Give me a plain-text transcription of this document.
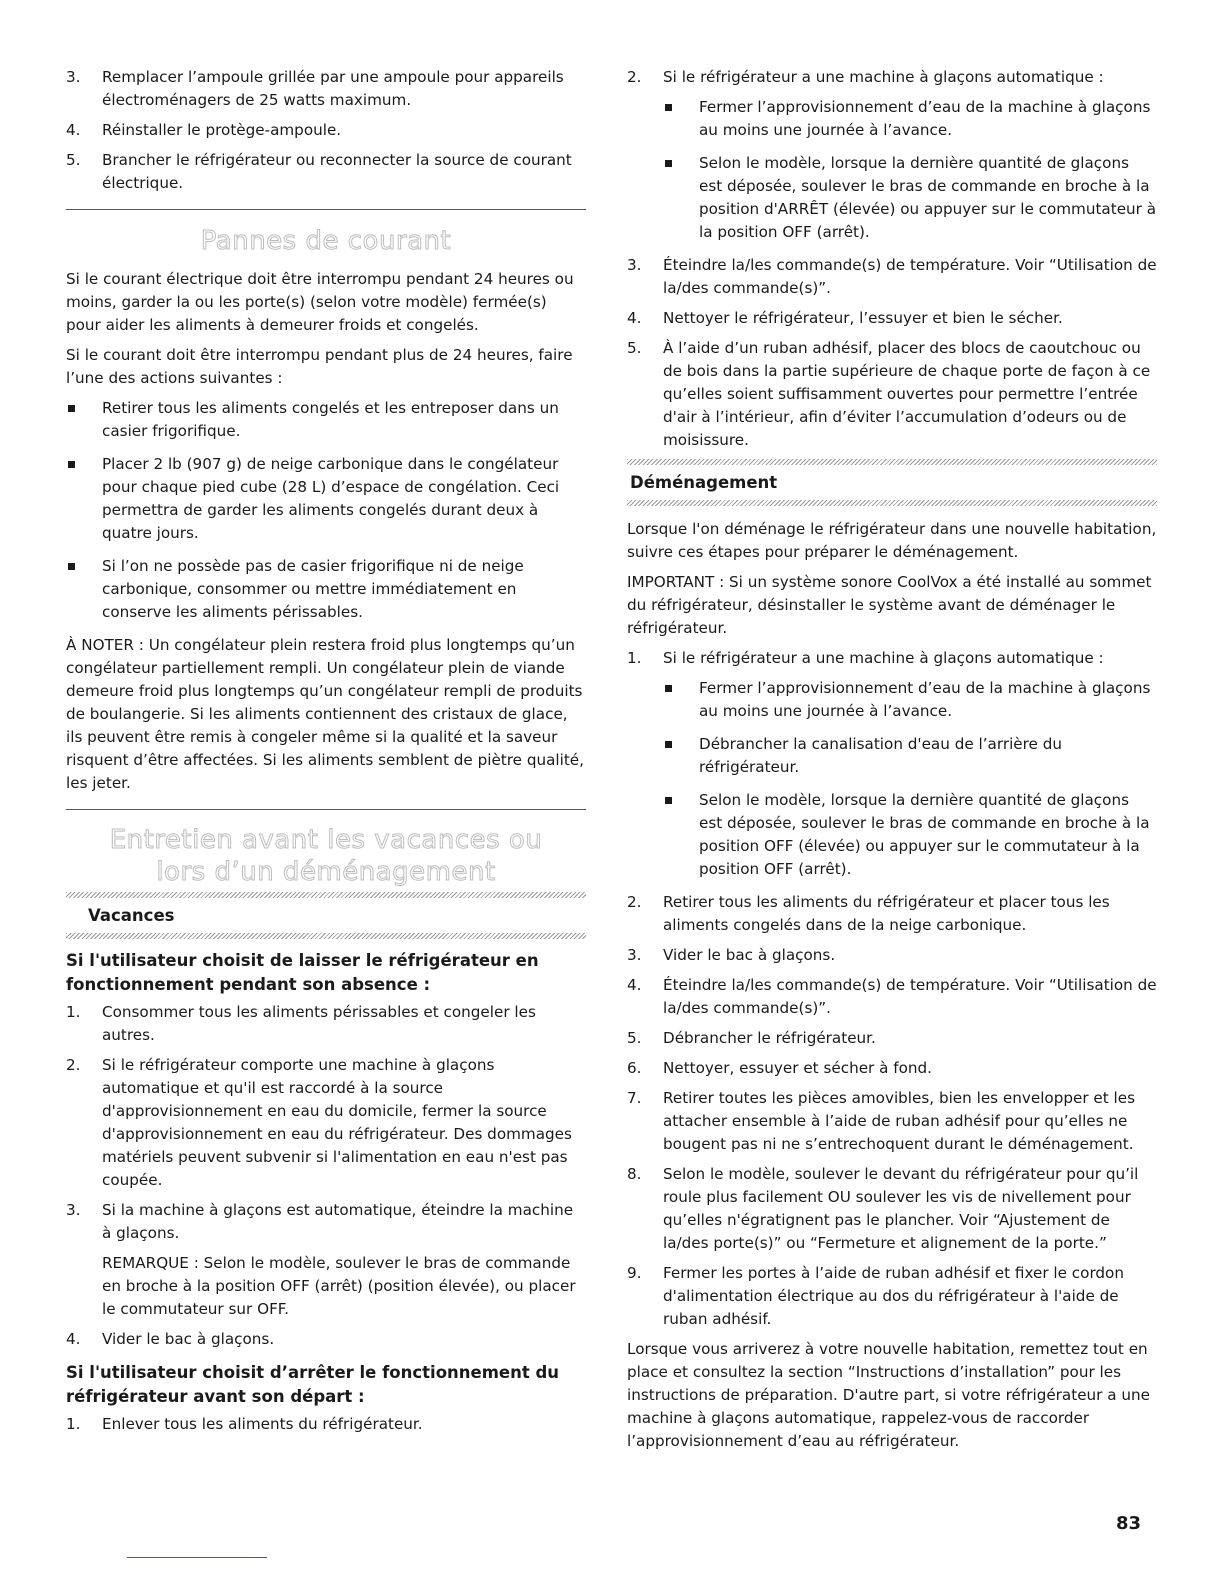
3.	Remplacer l’ampoule grillée par une ampoule pour appareils électroménagers de 25 watts maximum.
4.	Réinstaller le protège-ampoule.
5.	Brancher le réfrigérateur ou reconnecter la source de courant électrique.
Pannes de courant

Si le courant électrique doit être interrompu pendant 24 heures ou moins, garder la ou les porte(s) (selon votre modèle) fermée(s) pour aider les aliments à demeurer froids et congelés.

Si le courant doit être interrompu pendant plus de 24 heures, faire l’une des actions suivantes :

Retirer tous les aliments congelés et les entreposer dans un casier frigorifique.
Placer 2 lb (907 g) de neige carbonique dans le congélateur pour chaque pied cube (28 L) d’espace de congélation. Ceci permettra de garder les aliments congelés durant deux à quatre jours.
Si l’on ne possède pas de casier frigorifique ni de neige carbonique, consommer ou mettre immédiatement en conserve les aliments périssables.

À NOTER : Un congélateur plein restera froid plus longtemps qu’un congélateur partiellement rempli. Un congélateur plein de viande demeure froid plus longtemps qu’un congélateur rempli de produits de boulangerie. Si les aliments contiennent des cristaux de glace, ils peuvent être remis à congeler même si la qualité et la saveur risquent d’être affectées. Si les aliments semblent de piètre qualité, les jeter.

Entretien avant les vacances ou
lors d’un déménagement
Vacances
Si l'utilisateur choisit de laisser le réfrigérateur en fonctionnement pendant son absence :
1.	Consommer tous les aliments périssables et congeler les autres.
2.	Si le réfrigérateur comporte une machine à glaçons automatique et qu'il est raccordé à la source d'approvisionnement en eau du domicile, fermer la source d'approvisionnement en eau du réfrigérateur. Des dommages matériels peuvent subvenir si l'alimentation en eau n'est pas coupée.
3.	Si la machine à glaçons est automatique, éteindre la machine à glaçons.
REMARQUE : Selon le modèle, soulever le bras de commande en broche à la position OFF (arrêt) (position élevée), ou placer le commutateur sur OFF.
4.	Vider le bac à glaçons.
Si l'utilisateur choisit d’arrêter le fonctionnement du réfrigérateur avant son départ :
1.	Enlever tous les aliments du réfrigérateur.
2.	Si le réfrigérateur a une machine à glaçons automatique :
Fermer l’approvisionnement d’eau de la machine à glaçons au moins une journée à l’avance.
Selon le modèle, lorsque la dernière quantité de glaçons est déposée, soulever le bras de commande en broche à la position d'ARRÊT (élevée) ou appuyer sur le commutateur à la position OFF (arrêt).
3.	Éteindre la/les commande(s) de température. Voir “Utilisation de la/des commande(s)”.
4.	Nettoyer le réfrigérateur, l’essuyer et bien le sécher.
5.	À l’aide d’un ruban adhésif, placer des blocs de caoutchouc ou de bois dans la partie supérieure de chaque porte de façon à ce qu’elles soient suffisamment ouvertes pour permettre l’entrée d'air à l’intérieur, afin d’éviter l’accumulation d’odeurs ou de moisissure.
Déménagement

Lorsque l'on déménage le réfrigérateur dans une nouvelle habitation, suivre ces étapes pour préparer le déménagement.

IMPORTANT : Si un système sonore CoolVox a été installé au sommet du réfrigérateur, désinstaller le système avant de déménager le réfrigérateur.

1.	Si le réfrigérateur a une machine à glaçons automatique :
Fermer l’approvisionnement d’eau de la machine à glaçons au moins une journée à l’avance.
Débrancher la canalisation d'eau de l’arrière du réfrigérateur.
Selon le modèle, lorsque la dernière quantité de glaçons est déposée, soulever le bras de commande en broche à la position OFF (élevée) ou appuyer sur le commutateur à la position OFF (arrêt).
2.	Retirer tous les aliments du réfrigérateur et placer tous les aliments congelés dans de la neige carbonique.
3.	Vider le bac à glaçons.
4.	Éteindre la/les commande(s) de température. Voir “Utilisation de la/des commande(s)”.
5.	Débrancher le réfrigérateur.
6.	Nettoyer, essuyer et sécher à fond.
7.	Retirer toutes les pièces amovibles, bien les envelopper et les attacher ensemble à l’aide de ruban adhésif pour qu’elles ne bougent pas ni ne s’entrechoquent durant le déménagement.
8.	Selon le modèle, soulever le devant du réfrigérateur pour qu’il roule plus facilement OU soulever les vis de nivellement pour qu’elles n'égratignent pas le plancher. Voir “Ajustement de la/des porte(s)” ou “Fermeture et alignement de la porte.”
9.	Fermer les portes à l’aide de ruban adhésif et fixer le cordon d'alimentation électrique au dos du réfrigérateur à l'aide de ruban adhésif.

Lorsque vous arriverez à votre nouvelle habitation, remettez tout en place et consultez la section “Instructions d’installation” pour les instructions de préparation. D'autre part, si votre réfrigérateur a une machine à glaçons automatique, rappelez-vous de raccorder l’approvisionnement d’eau au réfrigérateur.

83
